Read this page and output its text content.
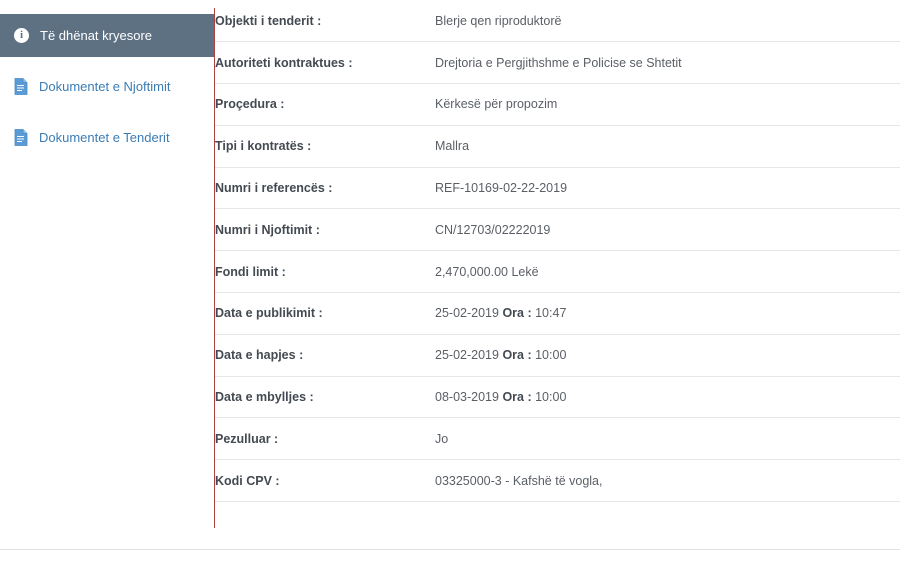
i	Të dhënat kryesore
Dokumentet e Njoftimit
Dokumentet e Tenderit
Objekti i tenderit :	Blerje qen riproduktorë
Autoriteti kontraktues :	Drejtoria e Pergjithshme e Policise se Shtetit
Proçedura :	Kërkesë për propozim
Tipi i kontratës :	Mallra
Numri i referencës :	REF-10169-02-22-2019
Numri i Njoftimit :	CN/12703/02222019
Fondi limit :	2,470,000.00 Lekë
Data e publikimit :	25-02-2019 Ora : 10:47
Data e hapjes :	25-02-2019 Ora : 10:00
Data e mbylljes :	08-03-2019 Ora : 10:00
Pezulluar :	Jo
Kodi CPV :	03325000-3 - Kafshë të vogla,
